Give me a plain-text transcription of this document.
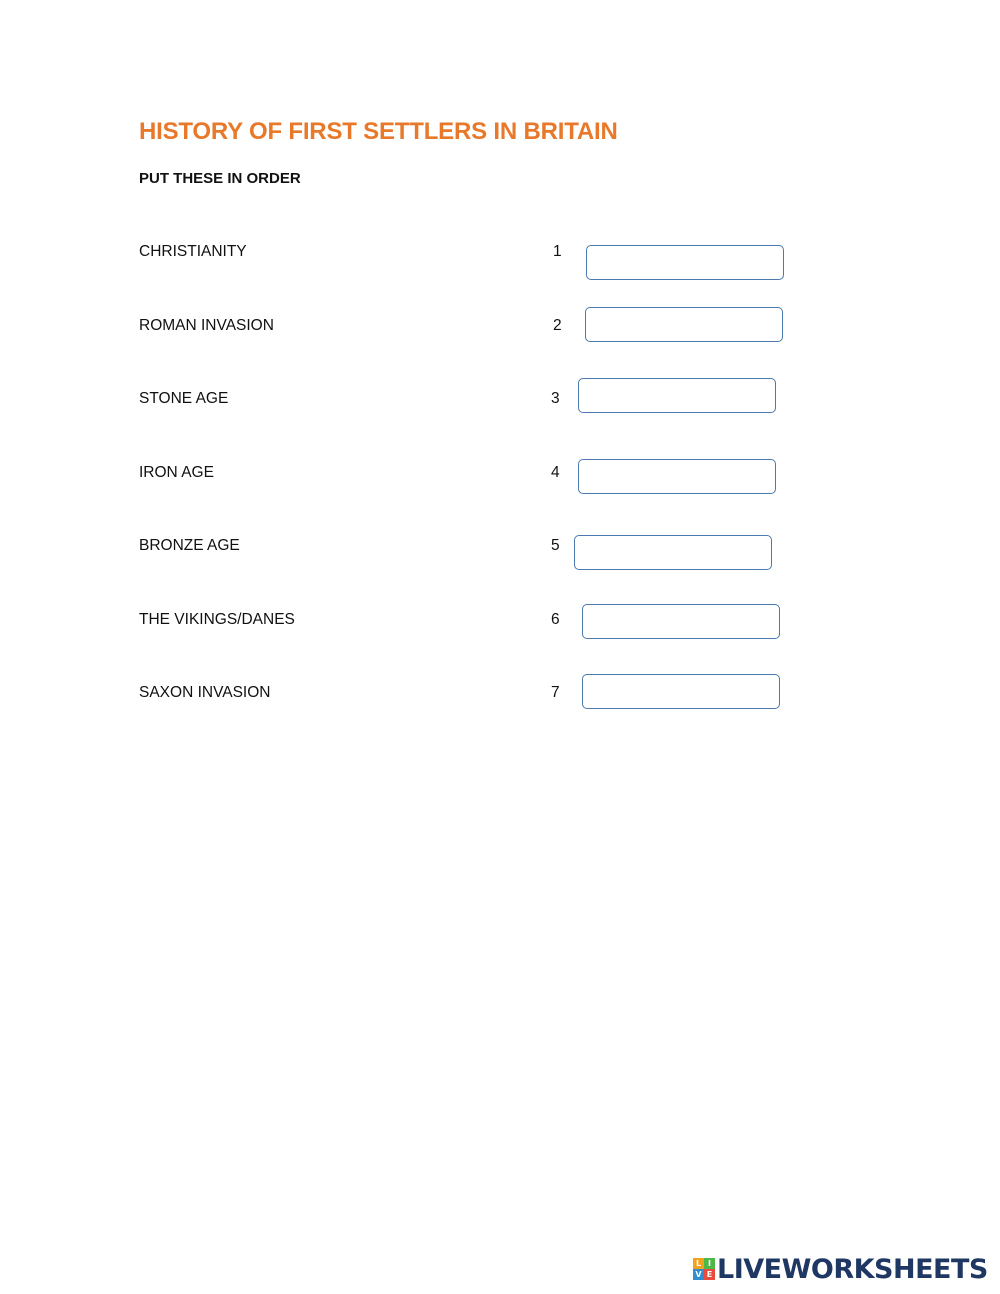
HISTORY OF FIRST SETTLERS IN BRITAIN
PUT THESE IN ORDER
CHRISTIANITY	1
ROMAN INVASION	2
STONE AGE	3
IRON AGE	4
BRONZE AGE	5
THE VIKINGS/DANES	6
SAXON INVASION	7
L I
V E LIVEWORKSHEETS
